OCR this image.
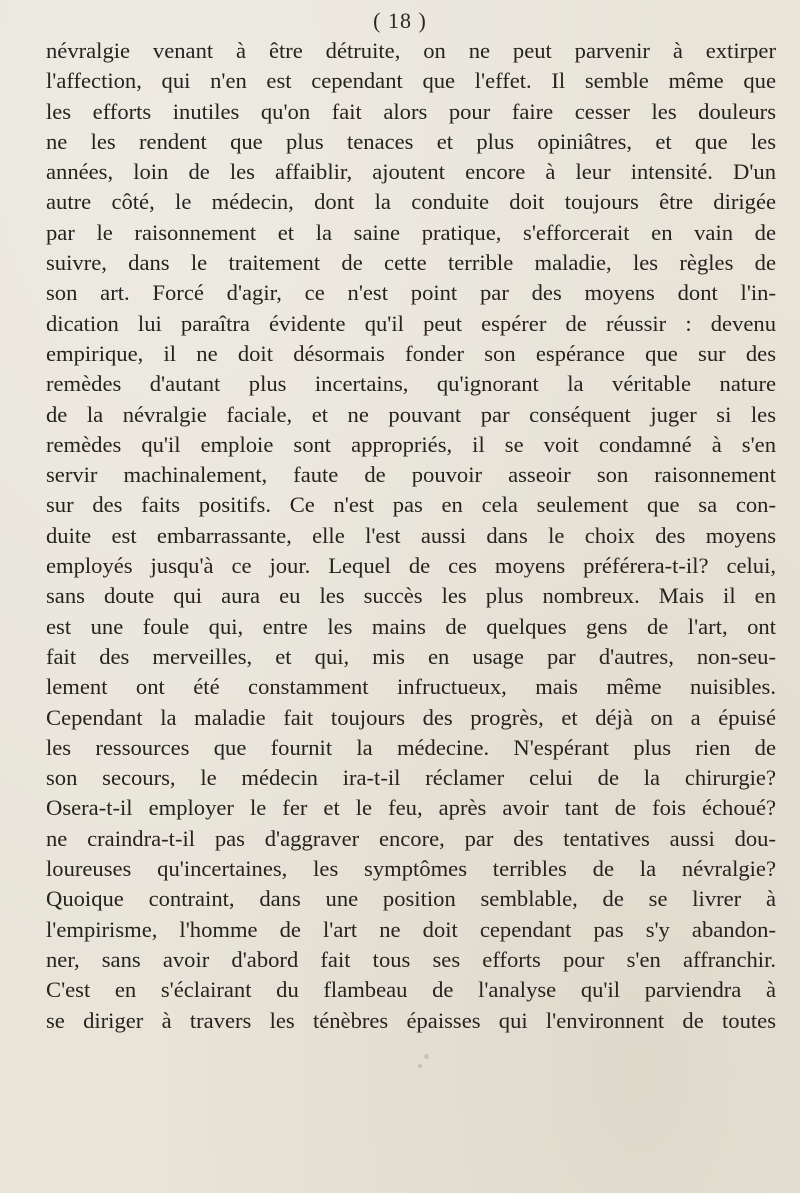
( 18 )
névralgie venant à être détruite, on ne peut parvenir à extirper
l'affection, qui n'en est cependant que l'effet. Il semble même que
les efforts inutiles qu'on fait alors pour faire cesser les douleurs
ne les rendent que plus tenaces et plus opiniâtres, et que les
années, loin de les affaiblir, ajoutent encore à leur intensité. D'un
autre côté, le médecin, dont la conduite doit toujours être dirigée
par le raisonnement et la saine pratique, s'efforcerait en vain de
suivre, dans le traitement de cette terrible maladie, les règles de
son art. Forcé d'agir, ce n'est point par des moyens dont l'in-
dication lui paraîtra évidente qu'il peut espérer de réussir : devenu
empirique, il ne doit désormais fonder son espérance que sur des
remèdes d'autant plus incertains, qu'ignorant la véritable nature
de la névralgie faciale, et ne pouvant par conséquent juger si les
remèdes qu'il emploie sont appropriés, il se voit condamné à s'en
servir machinalement, faute de pouvoir asseoir son raisonnement
sur des faits positifs. Ce n'est pas en cela seulement que sa con-
duite est embarrassante, elle l'est aussi dans le choix des moyens
employés jusqu'à ce jour. Lequel de ces moyens préférera-t-il? celui,
sans doute qui aura eu les succès les plus nombreux. Mais il en
est une foule qui, entre les mains de quelques gens de l'art, ont
fait des merveilles, et qui, mis en usage par d'autres, non-seu-
lement ont été constamment infructueux, mais même nuisibles.
Cependant la maladie fait toujours des progrès, et déjà on a épuisé
les ressources que fournit la médecine. N'espérant plus rien de
son secours, le médecin ira-t-il réclamer celui de la chirurgie?
Osera-t-il employer le fer et le feu, après avoir tant de fois échoué?
ne craindra-t-il pas d'aggraver encore, par des tentatives aussi dou-
loureuses qu'incertaines, les symptômes terribles de la névralgie?
Quoique contraint, dans une position semblable, de se livrer à
l'empirisme, l'homme de l'art ne doit cependant pas s'y abandon-
ner, sans avoir d'abord fait tous ses efforts pour s'en affranchir.
C'est en s'éclairant du flambeau de l'analyse qu'il parviendra à
se diriger à travers les ténèbres épaisses qui l'environnent de toutes
